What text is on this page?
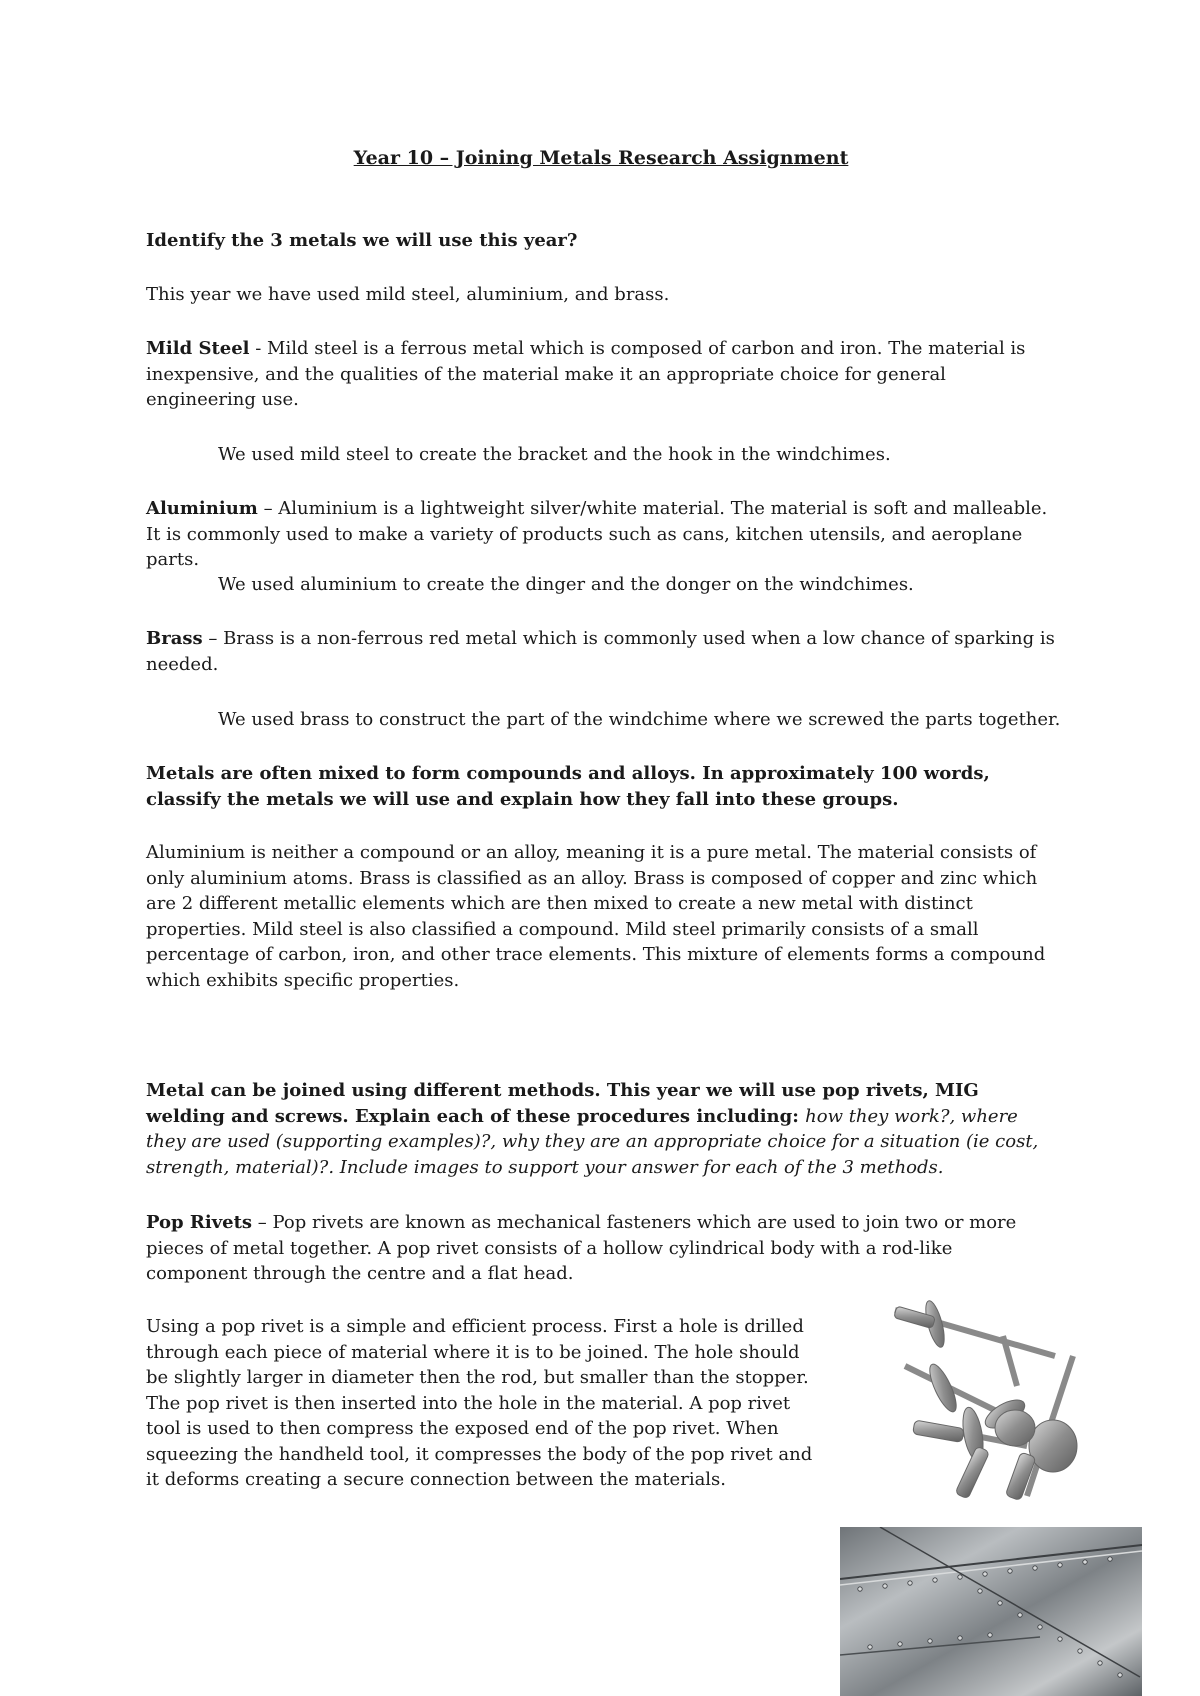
Year 10 – Joining Metals Research Assignment

Identify the 3 metals we will use this year?

This year we have used mild steel, aluminium, and brass.

Mild Steel - Mild steel is a ferrous metal which is composed of carbon and iron. The material is inexpensive, and the qualities of the material make it an appropriate choice for general engineering use.

We used mild steel to create the bracket and the hook in the windchimes.

Aluminium – Aluminium is a lightweight silver/white material. The material is soft and malleable. It is commonly used to make a variety of products such as cans, kitchen utensils, and aeroplane parts.

We used aluminium to create the dinger and the donger on the windchimes.

Brass – Brass is a non-ferrous red metal which is commonly used when a low chance of sparking is needed.

We used brass to construct the part of the windchime where we screwed the parts together.

Metals are often mixed to form compounds and alloys. In approximately 100 words, classify the metals we will use and explain how they fall into these groups.

Aluminium is neither a compound or an alloy, meaning it is a pure metal. The material consists of only aluminium atoms. Brass is classified as an alloy. Brass is composed of copper and zinc which are 2 different metallic elements which are then mixed to create a new metal with distinct properties. Mild steel is also classified a compound. Mild steel primarily consists of a small percentage of carbon, iron, and other trace elements. This mixture of elements forms a compound which exhibits specific properties.

Metal can be joined using different methods. This year we will use pop rivets, MIG welding and screws. Explain each of these procedures including: how they work?, where they are used (supporting examples)?, why they are an appropriate choice for a situation (ie cost, strength, material)?. Include images to support your answer for each of the 3 methods.

Pop Rivets – Pop rivets are known as mechanical fasteners which are used to join two or more pieces of metal together. A pop rivet consists of a hollow cylindrical body with a rod-like component through the centre and a flat head.

Using a pop rivet is a simple and efficient process. First a hole is drilled through each piece of material where it is to be joined. The hole should be slightly larger in diameter then the rod, but smaller than the stopper. The pop rivet is then inserted into the hole in the material. A pop rivet tool is used to then compress the exposed end of the pop rivet. When squeezing the handheld tool, it compresses the body of the pop rivet and it deforms creating a secure connection between the materials.
